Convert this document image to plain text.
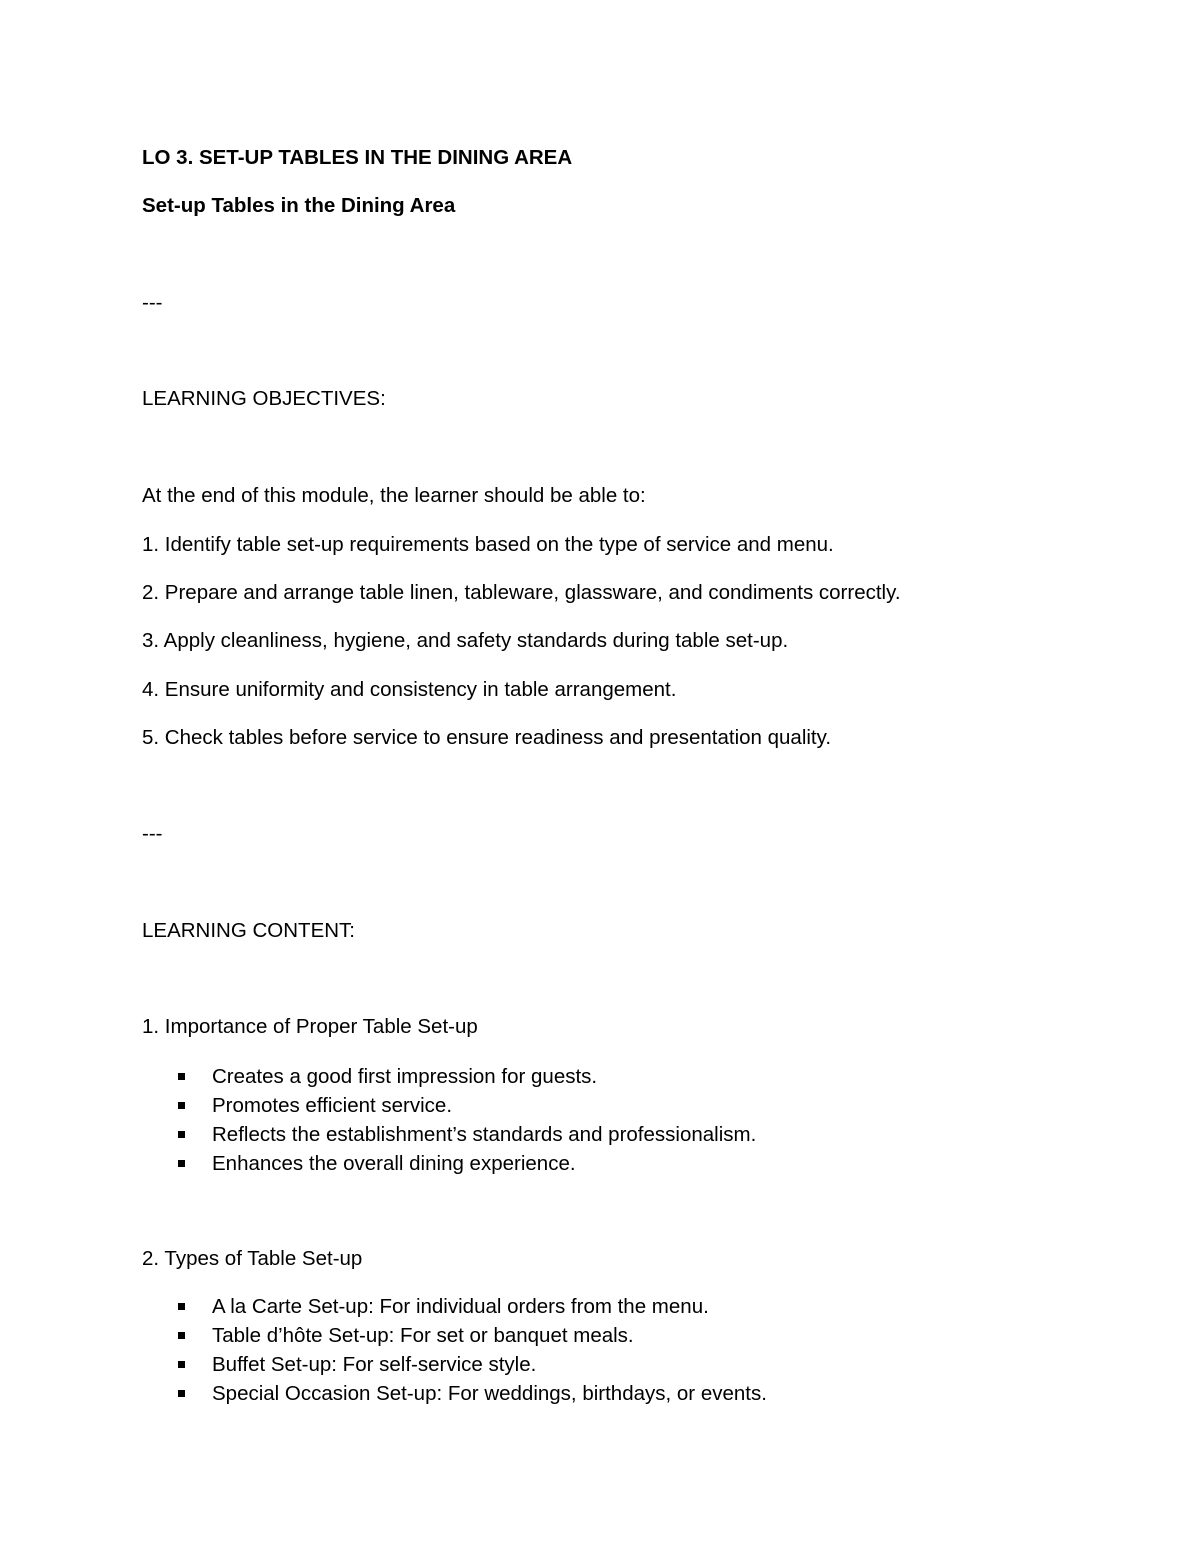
LO 3. SET-UP TABLES IN THE DINING AREA

Set-up Tables in the Dining Area

---

LEARNING OBJECTIVES:

At the end of this module, the learner should be able to:

1. Identify table set-up requirements based on the type of service and menu.

2. Prepare and arrange table linen, tableware, glassware, and condiments correctly.

3. Apply cleanliness, hygiene, and safety standards during table set-up.

4. Ensure uniformity and consistency in table arrangement.

5. Check tables before service to ensure readiness and presentation quality.

---

LEARNING CONTENT:

1. Importance of Proper Table Set-up

Creates a good first impression for guests.
Promotes efficient service.
Reflects the establishment’s standards and professionalism.
Enhances the overall dining experience.

2. Types of Table Set-up

A la Carte Set-up: For individual orders from the menu.
Table d’hôte Set-up: For set or banquet meals.
Buffet Set-up: For self-service style.
Special Occasion Set-up: For weddings, birthdays, or events.
